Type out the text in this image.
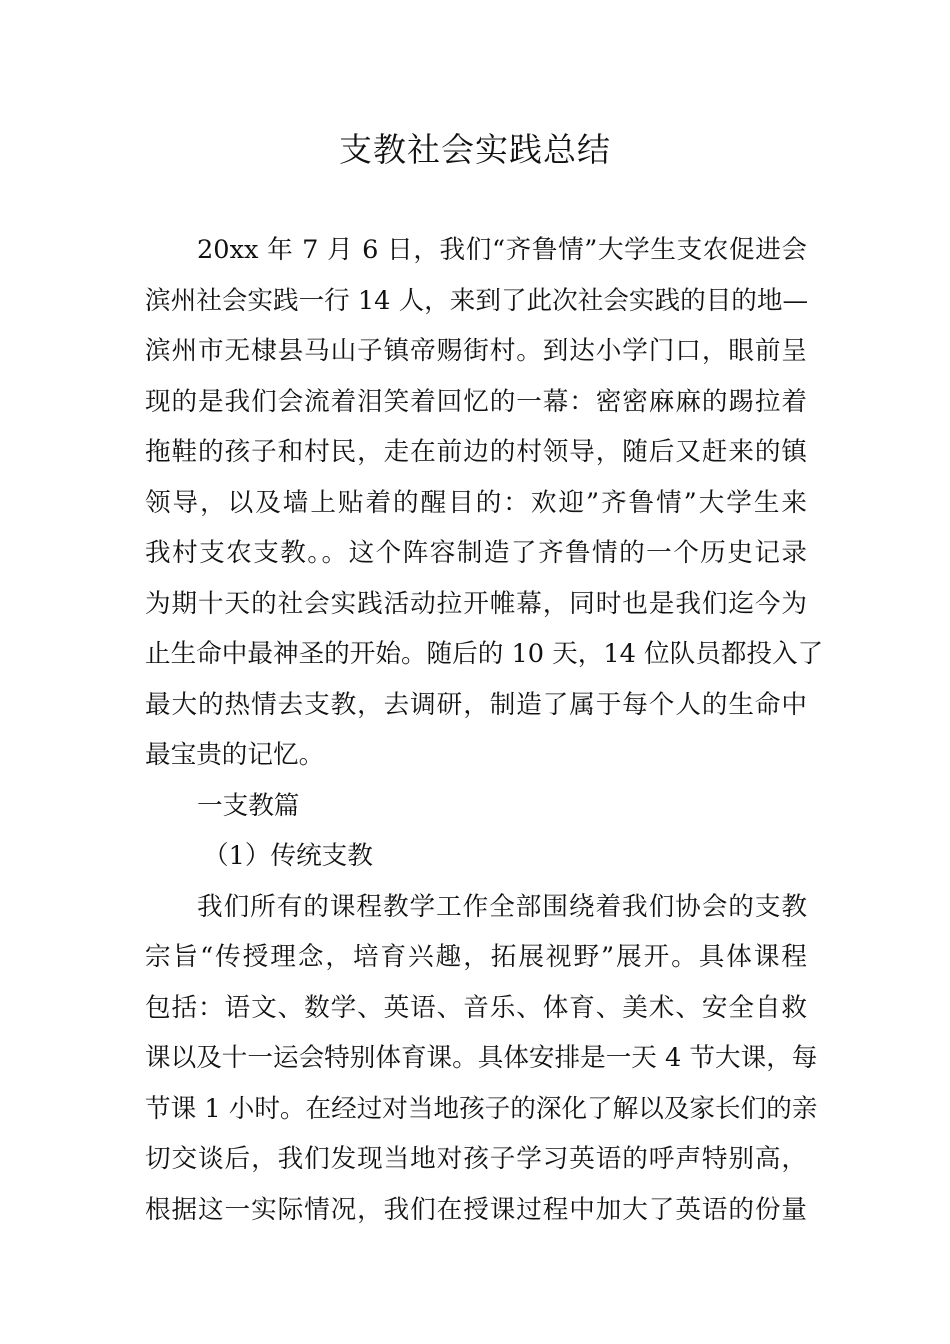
支教社会实践总结
20xx 年 7 月 6 日，我们“齐鲁情”大学生支农促进会
滨州社会实践一行 14 人，来到了此次社会实践的目的地—
滨州市无棣县马山子镇帝赐街村。到达小学门口，眼前呈
现的是我们会流着泪笑着回忆的一幕：密密麻麻的踢拉着
拖鞋的孩子和村民，走在前边的村领导，随后又赶来的镇
领导，以及墙上贴着的醒目的：欢迎”齐鲁情”大学生来
我村支农支教。。这个阵容制造了齐鲁情的一个历史记录
为期十天的社会实践活动拉开帷幕，同时也是我们迄今为
止生命中最神圣的开始。随后的 10 天，14 位队员都投入了
最大的热情去支教，去调研，制造了属于每个人的生命中
最宝贵的记忆。
一支教篇
（1）传统支教
我们所有的课程教学工作全部围绕着我们协会的支教
宗旨“传授理念，培育兴趣，拓展视野”展开。具体课程
包括：语文、数学、英语、音乐、体育、美术、安全自救
课以及十一运会特别体育课。具体安排是一天 4 节大课，每
节课 1 小时。在经过对当地孩子的深化了解以及家长们的亲
切交谈后，我们发现当地对孩子学习英语的呼声特别高，
根据这一实际情况，我们在授课过程中加大了英语的份量
